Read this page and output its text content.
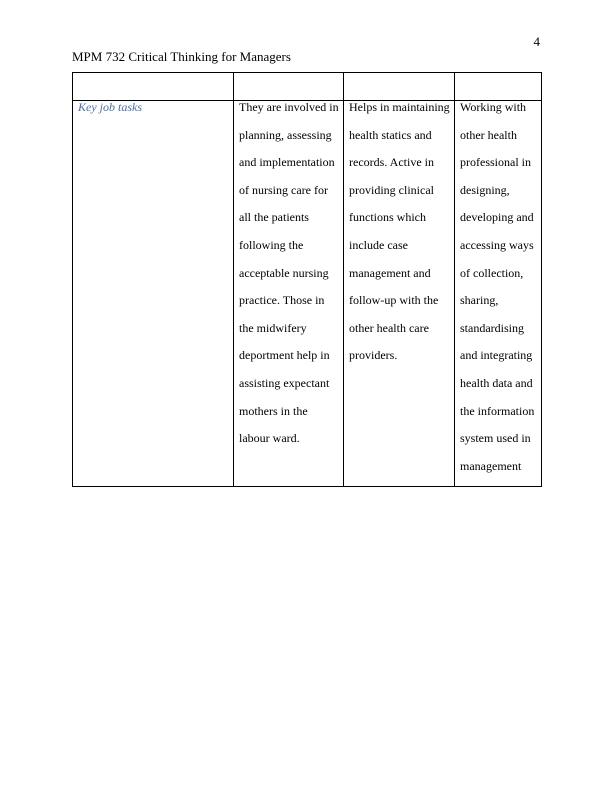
4
MPM 732 Critical Thinking for Managers

Key job tasks	They are involved in planning, assessing and implementation of nursing care for all the patients following the acceptable nursing practice. Those in the midwifery deportment help in assisting expectant mothers in the labour ward.	Helps in maintaining health statics and records. Active in providing clinical functions which include case management and follow-up with the other health care providers.	Working with other health professional in designing, developing and accessing ways of collection, sharing, standardising and integrating health data and the information system used in management
